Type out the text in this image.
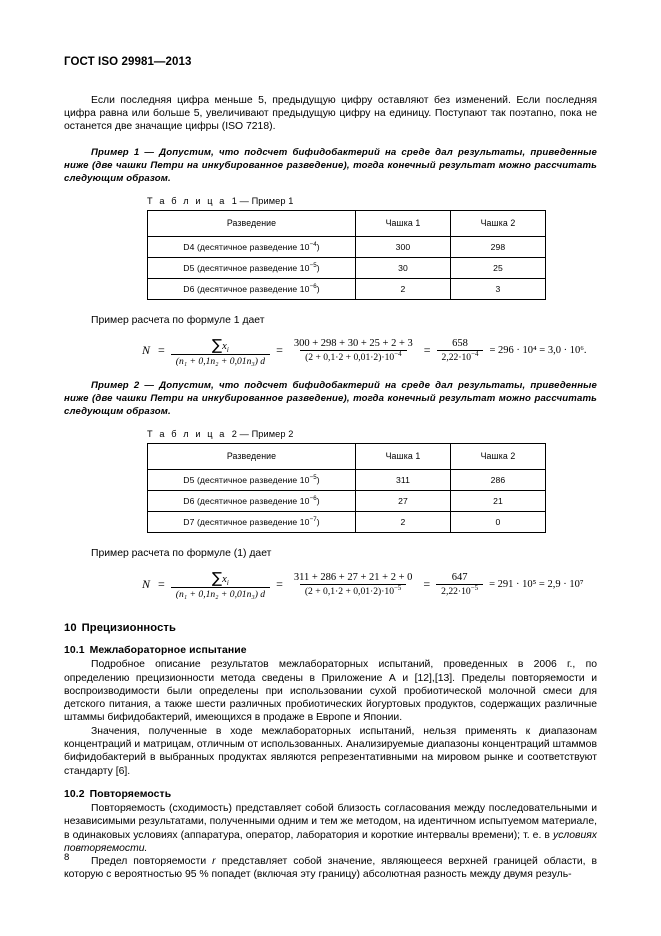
ГОСТ ISO 29981—2013

Если последняя цифра меньше 5, предыдущую цифру оставляют без изменений. Если последняя цифра равна или больше 5, увеличивают предыдущую цифру на единицу. Поступают так поэтапно, пока не останется две значащие цифры (ISO 7218).

Пример 1 — Допустим, что подсчет бифидобактерий на среде дал результаты, приведенные ниже (две чашки Петри на инкубированное разведение), тогда конечный результат можно рассчитать следующим образом.

Т а б л и ц а 1 — Пример 1
Разведение	Чашка 1	Чашка 2
D4 (десятичное разведение $10^{-4}$)	300	298
D5 (десятичное разведение $10^{-5}$)	30	25
D6 (десятичное разведение $10^{-6}$)	2	3
Пример расчета по формуле 1 дает
$N = \frac{\sum x_i}{\text{(n₁ + 0,1n₂ + 0,01n₃) d}} = \frac{300 + 298 + 30 + 25 + 2 + 3}{(2 + 0,1\cdot 2 + 0,01\cdot 2)\cdot 10^{-4}} = \frac{658}{2,22\cdot 10^{-4}} = 296 \cdot 10^4 = 3,0 \cdot 10^6$.

Пример 2 — Допустим, что подсчет бифидобактерий на среде дал результаты, приведенные ниже (две чашки Петри на инкубированное разведение), тогда конечный результат можно рассчитать следующим образом.

Т а б л и ц а 2 — Пример 2
Разведение	Чашка 1	Чашка 2
D5 (десятичное разведение $10^{-5}$)	311	286
D6 (десятичное разведение $10^{-6}$)	27	21
D7 (десятичное разведение $10^{-7}$)	2	0
Пример расчета по формуле (1) дает
$N = \frac{\sum x_i}{\text{(n₁ + 0,1n₂ + 0,01n₃) d}} = \frac{311 + 286 + 27 + 21 + 2 + 0}{(2 + 0,1\cdot 2 + 0,01\cdot 2)\cdot 10^{-5}} = \frac{647}{2,22\cdot 10^{-5}} = 291 \cdot 10^5 = 2,9 \cdot 10^7$
10 Прецизионность
10.1 Межлабораторное испытание

Подробное описание результатов межлабораторных испытаний, проведенных в 2006 г., по определению прецизионности метода сведены в Приложение А и [12],[13]. Пределы повторяемости и воспроизводимости были определены при использовании сухой пробиотической молочной смеси для детского питания, а также шести различных пробиотических йогуртовых продуктов, содержащих различные штаммы бифидобактерий, имеющихся в продаже в Европе и Японии.

Значения, полученные в ходе межлабораторных испытаний, нельзя применять к диапазонам концентраций и матрицам, отличным от использованных. Анализируемые диапазоны концентраций штаммов бифидобактерий в выбранных продуктах являются репрезентативными на мировом рынке и соответствуют стандарту [6].

10.2 Повторяемость

Повторяемость (сходимость) представляет собой близость согласования между последовательными и независимыми результатами, полученными одним и тем же методом, на идентичном испытуемом материале, в одинаковых условиях (аппаратура, оператор, лаборатория и короткие интервалы времени); т. е. в условиях повторяемости.

Предел повторяемости r представляет собой значение, являющееся верхней границей области, в которую с вероятностью 95 % попадет (включая эту границу) абсолютная разность между двумя резуль-

8
